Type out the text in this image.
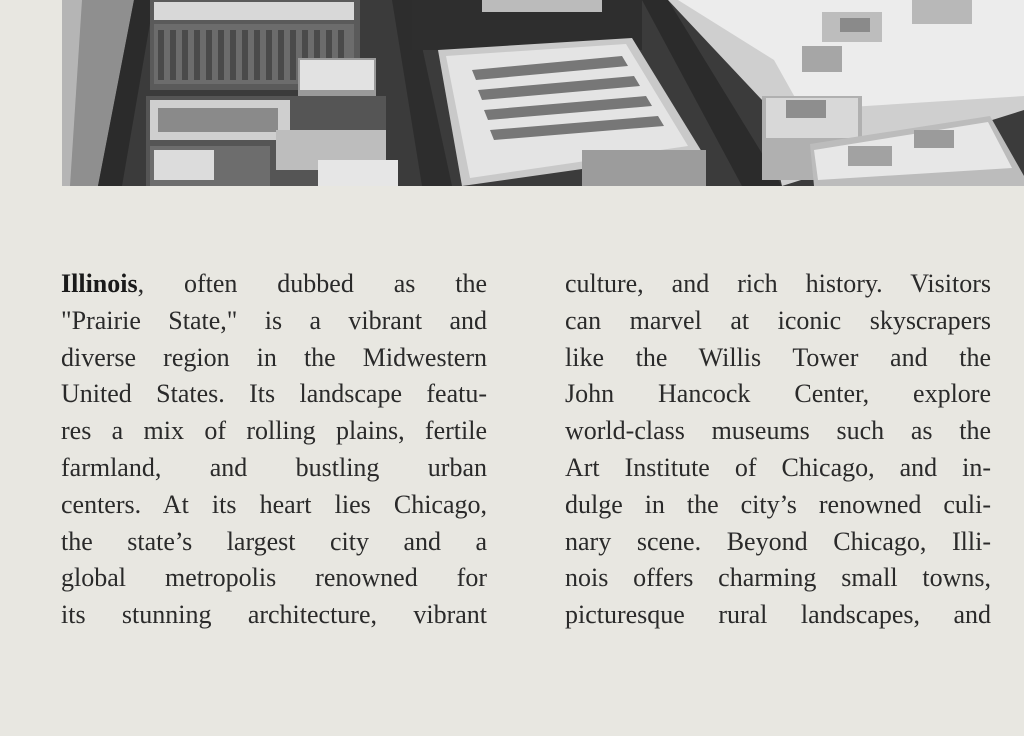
Illinois, often dubbed as the
"Prairie State," is a vibrant and
diverse region in the Midwestern
United States. Its landscape featu-
res a mix of rolling plains, fertile
farmland, and bustling urban
centers. At its heart lies Chicago,
the state’s largest city and a
global metropolis renowned for
its stunning architecture, vibrant
culture, and rich history. Visitors
can marvel at iconic skyscrapers
like the Willis Tower and the
John Hancock Center, explore
world-class museums such as the
Art Institute of Chicago, and in-
dulge in the city’s renowned culi-
nary scene. Beyond Chicago, Illi-
nois offers charming small towns,
picturesque rural landscapes, and
